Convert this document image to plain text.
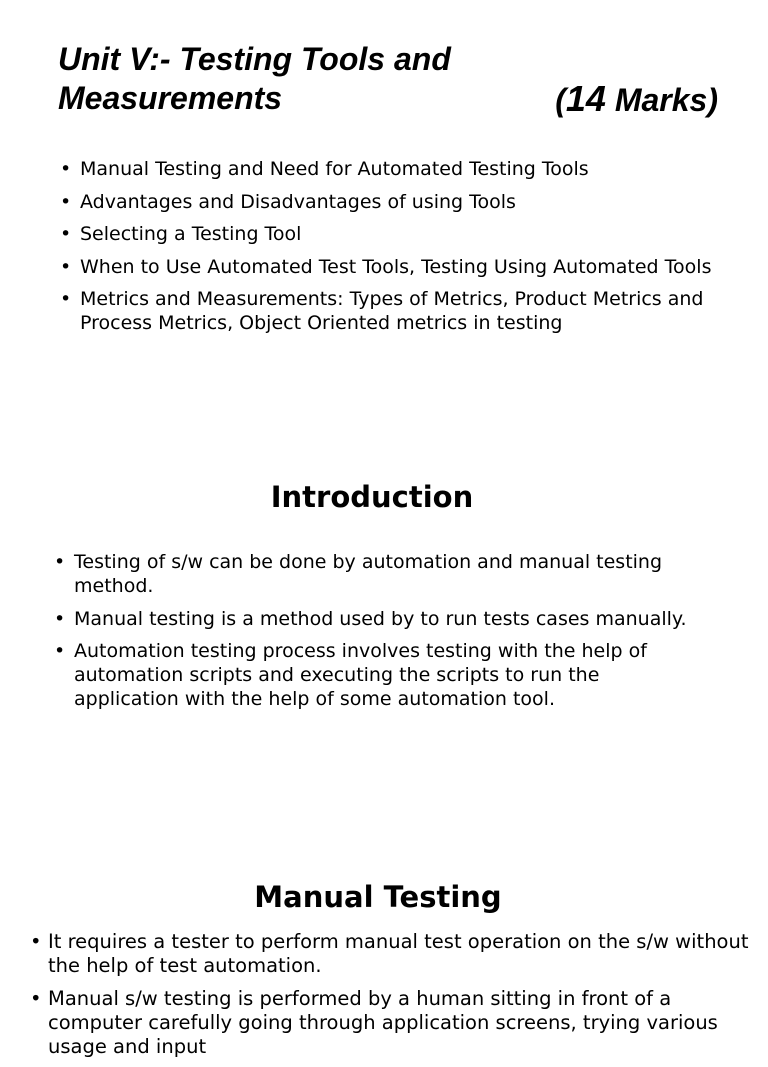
Unit V:- Testing Tools and
Measurements	(14 Marks)
• Manual Testing and Need for Automated Testing Tools
• Advantages and Disadvantages of using Tools
• Selecting a Testing Tool
• When to Use Automated Test Tools, Testing Using Automated Tools
• Metrics and Measurements: Types of Metrics, Product Metrics and Process Metrics, Object Oriented metrics in testing
Introduction
• Testing of s/w can be done by automation and manual testing method.
• Manual testing is a method used by to run tests cases manually.
• Automation testing process involves testing with the help of automation scripts and executing the scripts to run the application with the help of some automation tool.
Manual Testing
• It requires a tester to perform manual test operation on the s/w without the help of test automation.
• Manual s/w testing is performed by a human sitting in front of a computer carefully going through application screens, trying various usage and input
